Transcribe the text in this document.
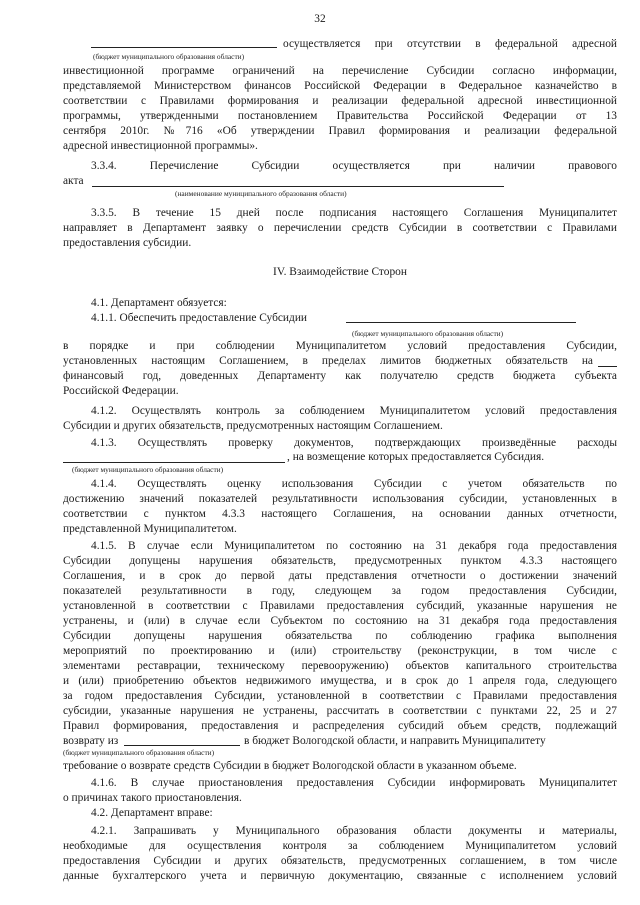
32
осуществляется при отсутствии в федеральной адресной
(бюджет муниципального образования области)
инвестиционной программе ограничений на перечисление Субсидии согласно информации,
представляемой Министерством финансов Российской Федерации в Федеральное казначейство в
соответствии с Правилами формирования и реализации федеральной адресной инвестиционной
программы, утвержденными постановлением Правительства Российской Федерации от 13
сентября 2010г. №716 «Об утверждении Правил формирования и реализации федеральной
адресной инвестиционной программы».
3.3.4. Перечисление Субсидии осуществляется при наличии правового
акта
(наименование муниципального образования области)
3.3.5. В течение 15 дней после подписания настоящего Соглашения Муниципалитет
направляет в Департамент заявку о перечислении средств Субсидии в соответствии с Правилами
предоставления субсидии.
IV. Взаимодействие Сторон
4.1. Департамент обязуется:
4.1.1. Обеспечить предоставление Субсидии
(бюджет муниципального образования области)
в порядке и при соблюдении Муниципалитетом условий предоставления Субсидии,
установленных настоящим Соглашением, в пределах лимитов бюджетных обязательств на
финансовый год, доведенных Департаменту как получателю средств бюджета субъекта
Российской Федерации.
4.1.2. Осуществлять контроль за соблюдением Муниципалитетом условий предоставления
Субсидии и других обязательств, предусмотренных настоящим Соглашением.
4.1.3. Осуществлять проверку документов, подтверждающих произведённые расходы
, на возмещение которых предоставляется Субсидия.
(бюджет муниципального образования области)
4.1.4. Осуществлять оценку использования Субсидии с учетом обязательств по
достижению значений показателей результативности использования субсидии, установленных в
соответствии с пунктом 4.3.3 настоящего Соглашения, на основании данных отчетности,
представленной Муниципалитетом.
4.1.5. В случае если Муниципалитетом по состоянию на 31 декабря года предоставления
Субсидии допущены нарушения обязательств, предусмотренных пунктом 4.3.3 настоящего
Соглашения, и в срок до первой даты представления отчетности о достижении значений
показателей результативности в году, следующем за годом предоставления Субсидии,
установленной в соответствии с Правилами предоставления субсидий, указанные нарушения не
устранены, и (или) в случае если Субъектом по состоянию на 31 декабря года предоставления
Субсидии допущены нарушения обязательства по соблюдению графика выполнения
мероприятий по проектированию и (или) строительству (реконструкции, в том числе с
элементами реставрации, техническому перевооружению) объектов капитального строительства
и (или) приобретению объектов недвижимого имущества, и в срок до 1 апреля года, следующего
за годом предоставления Субсидии, установленной в соответствии с Правилами предоставления
субсидии, указанные нарушения не устранены, рассчитать в соответствии с пунктами 22, 25 и 27
Правил формирования, предоставления и распределения субсидий объем средств, подлежащий
возврату из	в бюджет Вологодской области, и направить Муниципалитету
(бюджет муниципального образования области)
требование о возврате средств Субсидии в бюджет Вологодской области в указанном объеме.
4.1.6. В случае приостановления предоставления Субсидии информировать Муниципалитет
о причинах такого приостановления.
4.2. Департамент вправе:
4.2.1. Запрашивать у Муниципального образования области документы и материалы,
необходимые для осуществления контроля за соблюдением Муниципалитетом условий
предоставления Субсидии и других обязательств, предусмотренных соглашением, в том числе
данные бухгалтерского учета и первичную документацию, связанные с исполнением условий
